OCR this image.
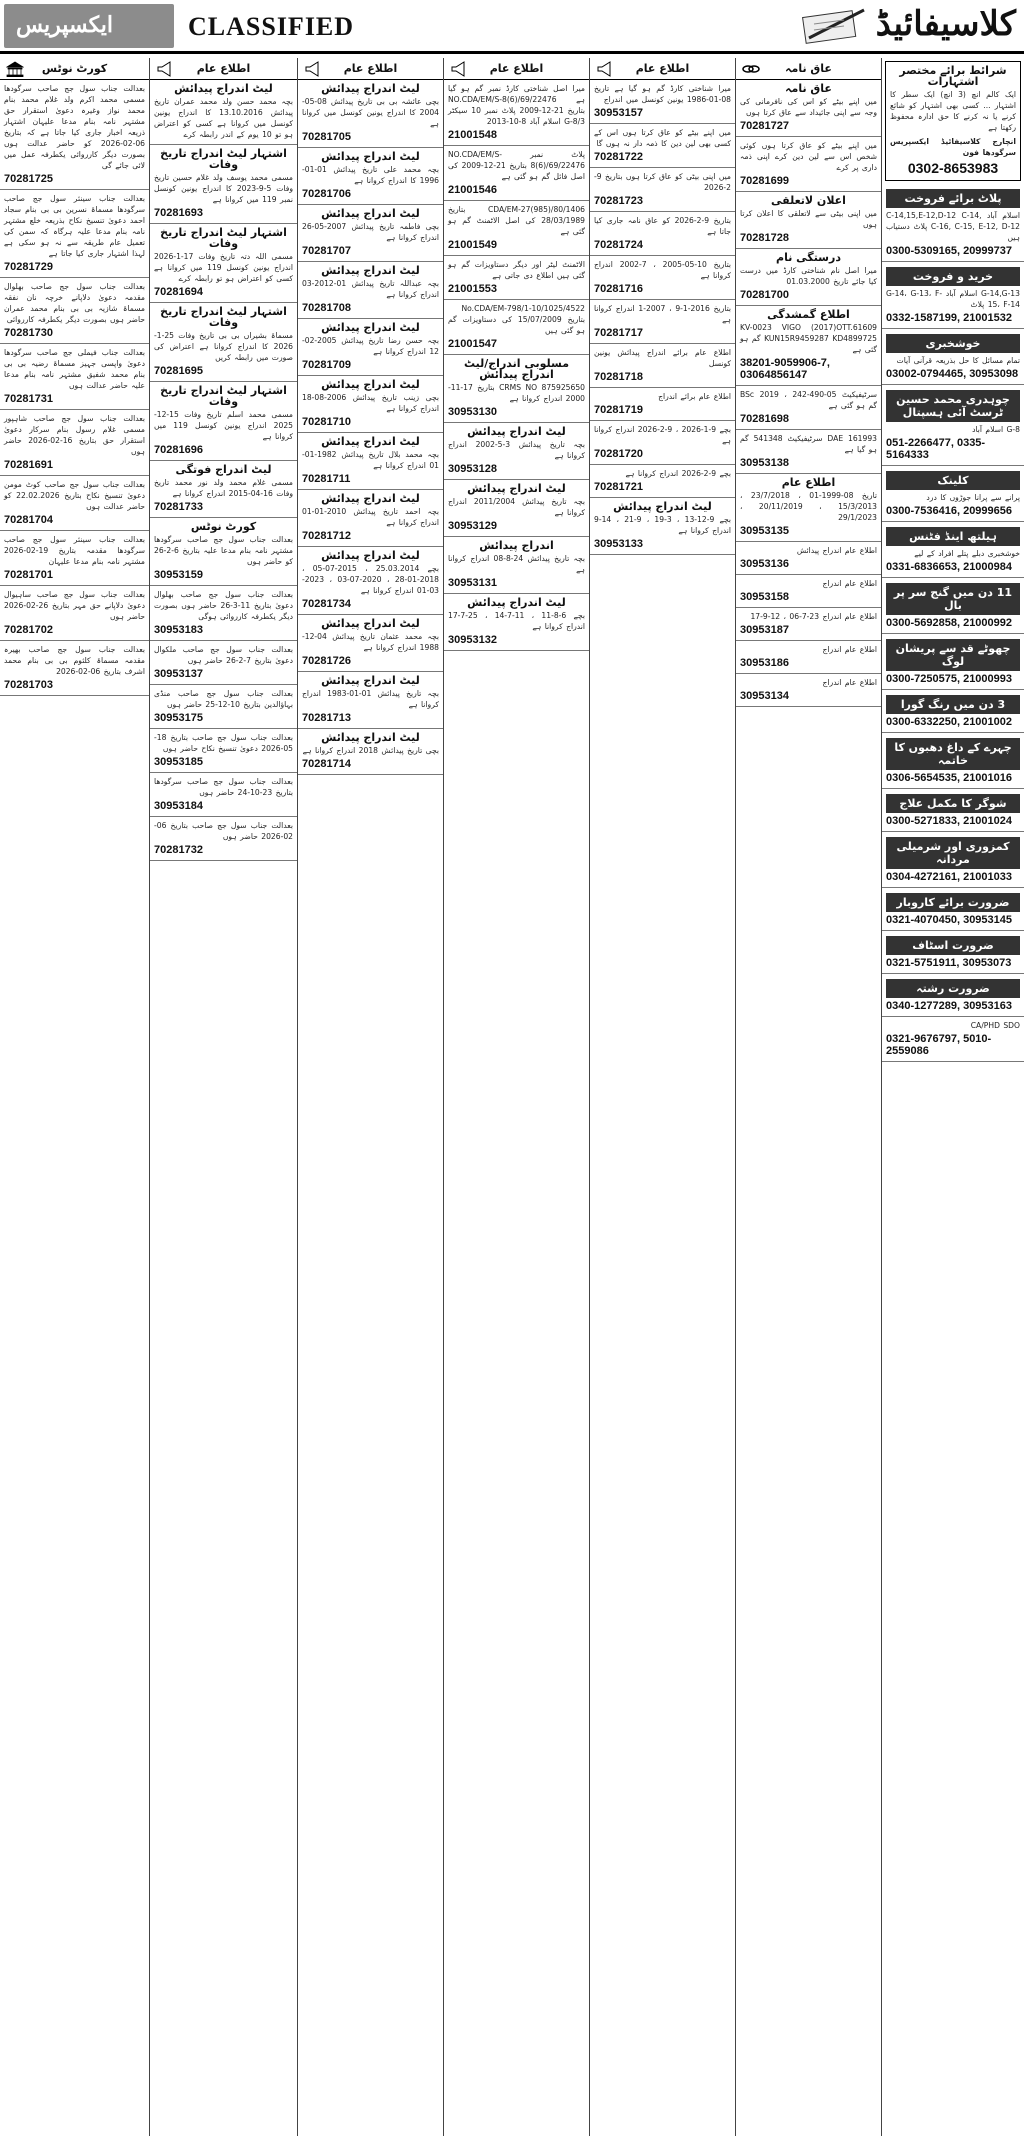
ایکسپریس	CLASSIFIED	کلاسیفائیڈ
کورٹ نوٹس
بعدالت جناب سول جج صاحب سرگودھا مسمی محمد اکرم ولد غلام محمد بنام محمد نواز وغیرہ دعویٰ استقرار حق مشتہر نامہ بنام مدعا علیہان اشتہار ذریعہ اخبار جاری کیا جاتا ہے کہ بتاریخ 06-02-2026 کو حاضر عدالت ہوں بصورت دیگر کارروائی یکطرفہ عمل میں لائی جائے گی
70281725
بعدالت جناب سینئر سول جج صاحب سرگودھا مسماۃ نسرین بی بی بنام سجاد احمد دعویٰ تنسیخ نکاح بذریعہ خلع مشتہر نامہ بنام مدعا علیہ ہرگاہ کہ سمن کی تعمیل عام طریقہ سے نہ ہو سکی ہے لہذا اشتہار جاری کیا جاتا ہے
70281729
بعدالت جناب سول جج صاحب بھلوال مقدمہ دعویٰ دلاپانے خرچہ نان نفقہ مسماۃ شازیہ بی بی بنام محمد عمران حاضر ہوں بصورت دیگر یکطرفہ کارروائی
70281730
بعدالت جناب فیملی جج صاحب سرگودھا دعویٰ واپسی جہیز مسماۃ رضیہ بی بی بنام محمد شفیق مشتہر نامہ بنام مدعا علیہ حاضر عدالت ہوں
70281731
بعدالت جناب سول جج صاحب شاہپور مسمی غلام رسول بنام سرکار دعویٰ استقرار حق بتاریخ 16-02-2026 حاضر ہوں
70281691
بعدالت جناب سول جج صاحب کوٹ مومن دعویٰ تنسیخ نکاح بتاریخ 22.02.2026 کو حاضر عدالت ہوں
70281704
بعدالت جناب سینئر سول جج صاحب سرگودھا مقدمہ بتاریخ 19-02-2026 مشتہر نامہ بنام مدعا علیہان
70281701
بعدالت جناب سول جج صاحب ساہیوال دعویٰ دلاپانے حق مہر بتاریخ 26-02-2026 حاضر ہوں
70281702
بعدالت جناب سول جج صاحب بھیرہ مقدمہ مسماۃ کلثوم بی بی بنام محمد اشرف بتاریخ 06-02-2026
70281703
اطلاع عام
لیٹ اندراج پیدائش
بچہ محمد حسن ولد محمد عمران تاریخ پیدائش 13.10.2016 کا اندراج یونین کونسل میں کروانا ہے کسی کو اعتراض ہو تو 10 یوم کے اندر رابطہ کرے
اشتہار لیٹ اندراج تاریخ وفات
مسمی محمد یوسف ولد غلام حسین تاریخ وفات 5-9-2023 کا اندراج یونین کونسل نمبر 119 میں کروانا ہے
70281693
اشتہار لیٹ اندراج تاریخ وفات
مسمی اللہ دتہ تاریخ وفات 17-1-2026 اندراج یونین کونسل 119 میں کروانا ہے کسی کو اعتراض ہو تو رابطہ کرے
70281694
اشتہار لیٹ اندراج تاریخ وفات
مسماۃ بشیراں بی بی تاریخ وفات 25-1-2026 کا اندراج کروانا ہے اعتراض کی صورت میں رابطہ کریں
70281695
اشتہار لیٹ اندراج تاریخ وفات
مسمی محمد اسلم تاریخ وفات 15-12-2025 اندراج یونین کونسل 119 میں کروانا ہے
70281696
لیٹ اندراج فوتگی
مسمی غلام محمد ولد نور محمد تاریخ وفات 16-04-2015 اندراج کروانا ہے
70281733
کورٹ نوٹس
بعدالت جناب سول جج صاحب سرگودھا مشتہر نامہ بنام مدعا علیہ بتاریخ 6-2-26 کو حاضر ہوں
30953159
بعدالت جناب سول جج صاحب بھلوال دعویٰ بتاریخ 11-3-26 حاضر ہوں بصورت دیگر یکطرفہ کارروائی ہوگی
30953183
بعدالت جناب سول جج صاحب ملکوال دعویٰ بتاریخ 7-2-26 حاضر ہوں
30953137
بعدالت جناب سول جج صاحب منڈی بہاؤالدین بتاریخ 10-12-25 حاضر ہوں
30953175
بعدالت جناب سول جج صاحب بتاریخ 18-05-2026 دعویٰ تنسیخ نکاح حاضر ہوں
30953185
بعدالت جناب سول جج صاحب سرگودھا بتاریخ 23-10-24 حاضر ہوں
30953184
بعدالت جناب سول جج صاحب بتاریخ 06-02-2026 حاضر ہوں
70281732
اطلاع عام
لیٹ اندراج پیدائش
بچی عائشہ بی بی تاریخ پیدائش 08-05-2004 کا اندراج یونین کونسل میں کروانا ہے
70281705
لیٹ اندراج پیدائش
بچہ محمد علی تاریخ پیدائش 01-01-1996 کا اندراج کروانا ہے
70281706
لیٹ اندراج پیدائش
بچی فاطمہ تاریخ پیدائش 2007-05-26 اندراج کروانا ہے
70281707
لیٹ اندراج پیدائش
بچہ عبداللہ تاریخ پیدائش 01-2012-03 اندراج کروانا ہے
70281708
لیٹ اندراج پیدائش
بچہ حسن رضا تاریخ پیدائش 2005-02-12 اندراج کروانا ہے
70281709
لیٹ اندراج پیدائش
بچی زینب تاریخ پیدائش 2006-08-18 اندراج کروانا ہے
70281710
لیٹ اندراج پیدائش
بچہ محمد بلال تاریخ پیدائش 1982-01-01 اندراج کروانا ہے
70281711
لیٹ اندراج پیدائش
بچہ احمد تاریخ پیدائش 2010-01-01 اندراج کروانا ہے
70281712
لیٹ اندراج پیدائش
بچے 25.03.2014 ، 2015-07-05 ، 2018-01-28 ، 2020-07-03 ، 2023-03-01 اندراج کروانا ہے
70281734
لیٹ اندراج پیدائش
بچہ محمد عثمان تاریخ پیدائش 04-12-1988 اندراج کروانا ہے
70281726
لیٹ اندراج پیدائش
بچہ تاریخ پیدائش 01-01-1983 اندراج کروانا ہے
70281713
لیٹ اندراج پیدائش
بچی تاریخ پیدائش 2018 اندراج کروانا ہے
70281714
اطلاع عام
میرا اصل شناختی کارڈ نمبر گم ہو گیا ہے NO.CDA/EM/S-8(6)/69/22476 بتاریخ 21-12-2009 پلاٹ نمبر 10 سیکٹر G-8/3 اسلام آباد 8-10-2013
21001548
پلاٹ نمبر NO.CDA/EM/S-8(6)/69/22476 بتاریخ 21-12-2009 کی اصل فائل گم ہو گئی ہے
21001546
CDA/EM-27(985)/80/1406 بتاریخ 28/03/1989 کی اصل الاٹمنٹ گم ہو گئی ہے
21001549
الاٹمنٹ لیٹر اور دیگر دستاویزات گم ہو گئی ہیں اطلاع دی جاتی ہے
21001553
No.CDA/EM-798/1-10/1025/4522 بتاریخ 15/07/2009 کی دستاویزات گم ہو گئی ہیں
21001547
مسلوبی اندراج/لیٹ اندراج پیدائش
CRMS NO 875925650 بتاریخ 17-11-2000 اندراج کروانا ہے
30953130
لیٹ اندراج پیدائش
بچہ تاریخ پیدائش 3-5-2002 اندراج کروانا ہے
30953128
لیٹ اندراج پیدائش
بچہ تاریخ پیدائش 2011/2004 اندراج کروانا ہے
30953129
اندراج پیدائش
بچہ تاریخ پیدائش 24-8-08 اندراج کروانا ہے
30953131
لیٹ اندراج پیدائش
بچے 6-8-11 ، 11-7-14 ، 25-7-17 اندراج کروانا ہے
30953132
اطلاع عام
میرا شناختی کارڈ گم ہو گیا ہے تاریخ 08-01-1986 یونین کونسل میں اندراج
30953157
میں اپنے بیٹے کو عاق کرتا ہوں اس کے کسی بھی لین دین کا ذمہ دار نہ ہوں گا
70281722
میں اپنی بیٹی کو عاق کرتا ہوں بتاریخ 9-2-2026
70281723
بتاریخ 9-2-2026 کو عاق نامہ جاری کیا جاتا ہے
70281724
بتاریخ 10-05-2005 ، 7-2002 اندراج کروانا ہے
70281716
بتاریخ 2016-1-9 ، 2007-1 اندراج کروانا ہے
70281717
اطلاع عام برائے اندراج پیدائش یونین کونسل
70281718
اطلاع عام برائے اندراج
70281719
بچے 9-1-2026 ، 9-2-2026 اندراج کروانا ہے
70281720
بچے 9-2-2026 اندراج کروانا ہے
70281721
لیٹ اندراج پیدائش
بچے 9-12-13 ، 3-19 ، 9-21 ، 14-9 اندراج کروانا ہے
30953133
عاق نامہ
عاق نامہ
میں اپنے بیٹے کو اس کی نافرمانی کی وجہ سے اپنی جائیداد سے عاق کرتا ہوں
70281727
میں اپنے بیٹے کو عاق کرتا ہوں کوئی شخص اس سے لین دین کرے اپنی ذمہ داری پر کرے
70281699
اعلان لاتعلقی
میں اپنی بیٹی سے لاتعلقی کا اعلان کرتا ہوں
70281728
درستگی نام
میرا اصل نام شناختی کارڈ میں درست کیا جائے تاریخ 01.03.2000
70281700
اطلاع گمشدگی
KV-0023 VIGO (2017)OTT.61609 KUN15R9459287 KD4899725 گم ہو گئی ہے
38201-9059906-7, 03064856147
سرٹیفیکیٹ BSc 2019 ، 242-490-05 گم ہو گئی ہے
70281698
DAE 161993 سرٹیفیکیٹ 541348 گم ہو گیا ہے
30953138
اطلاع عام
تاریخ 08-1999-01 ، 23/7/2018 ، 15/3/2013 ، 20/11/2019 ، 29/1/2023
30953135
اطلاع عام اندراج پیدائش
30953136
اطلاع عام اندراج
30953158
اطلاع عام اندراج 23-7-06 ، 12-9-17
30953187
اطلاع عام اندراج
30953186
اطلاع عام اندراج
30953134
شرائط برائے مختصر اشتہارات
ایک کالم انچ (3 انچ) ایک سطر کا اشتہار ... کسی بھی اشتہار کو شائع کرنے یا نہ کرنے کا حق ادارہ محفوظ رکھتا ہے
انچارج کلاسیفائیڈ ایکسپریس سرگودھا فون
0302-8653983
پلاٹ برائے فروخت
اسلام آباد C-14,15,E-12,D-12 C-14, C-16, C-15, E-12, D-12 پلاٹ دستیاب ہیں
0300-5309165, 20999737
خرید و فروخت
G-14,G-13 اسلام آباد G-14، G-13، F-15، F-14 پلاٹ
0332-1587199, 21001532
خوشخبری
تمام مسائل کا حل بذریعہ قرآنی آیات
03002-0794465, 30953098
چوہدری محمد حسین ٹرسٹ آئی ہسپتال
G-8 اسلام آباد
051-2266477, 0335-5164333
کلینک
پرانے سے پرانا جوڑوں کا درد
0300-7536416, 20999656
ہیلتھ اینڈ فٹنس
خوشخبری دبلے پتلے افراد کے لیے
0331-6836653, 21000984
11 دن میں گنج سر پر بال
0300-5692858, 21000992
چھوٹے قد سے پریشان لوگ
0300-7250575, 21000993
3 دن میں رنگ گورا
0300-6332250, 21001002
چہرے کے داغ دھبوں کا خاتمہ
0306-5654535, 21001016
شوگر کا مکمل علاج
0300-5271833, 21001024
کمزوری اور شرمیلی مردانہ
0304-4272161, 21001033
ضرورت برائے کاروبار
0321-4070450, 30953145
ضرورت اسٹاف
0321-5751911, 30953073
ضرورت رشتہ
0340-1277289, 30953163
CA/PHD SDO
0321-9676797, 5010-2559086
